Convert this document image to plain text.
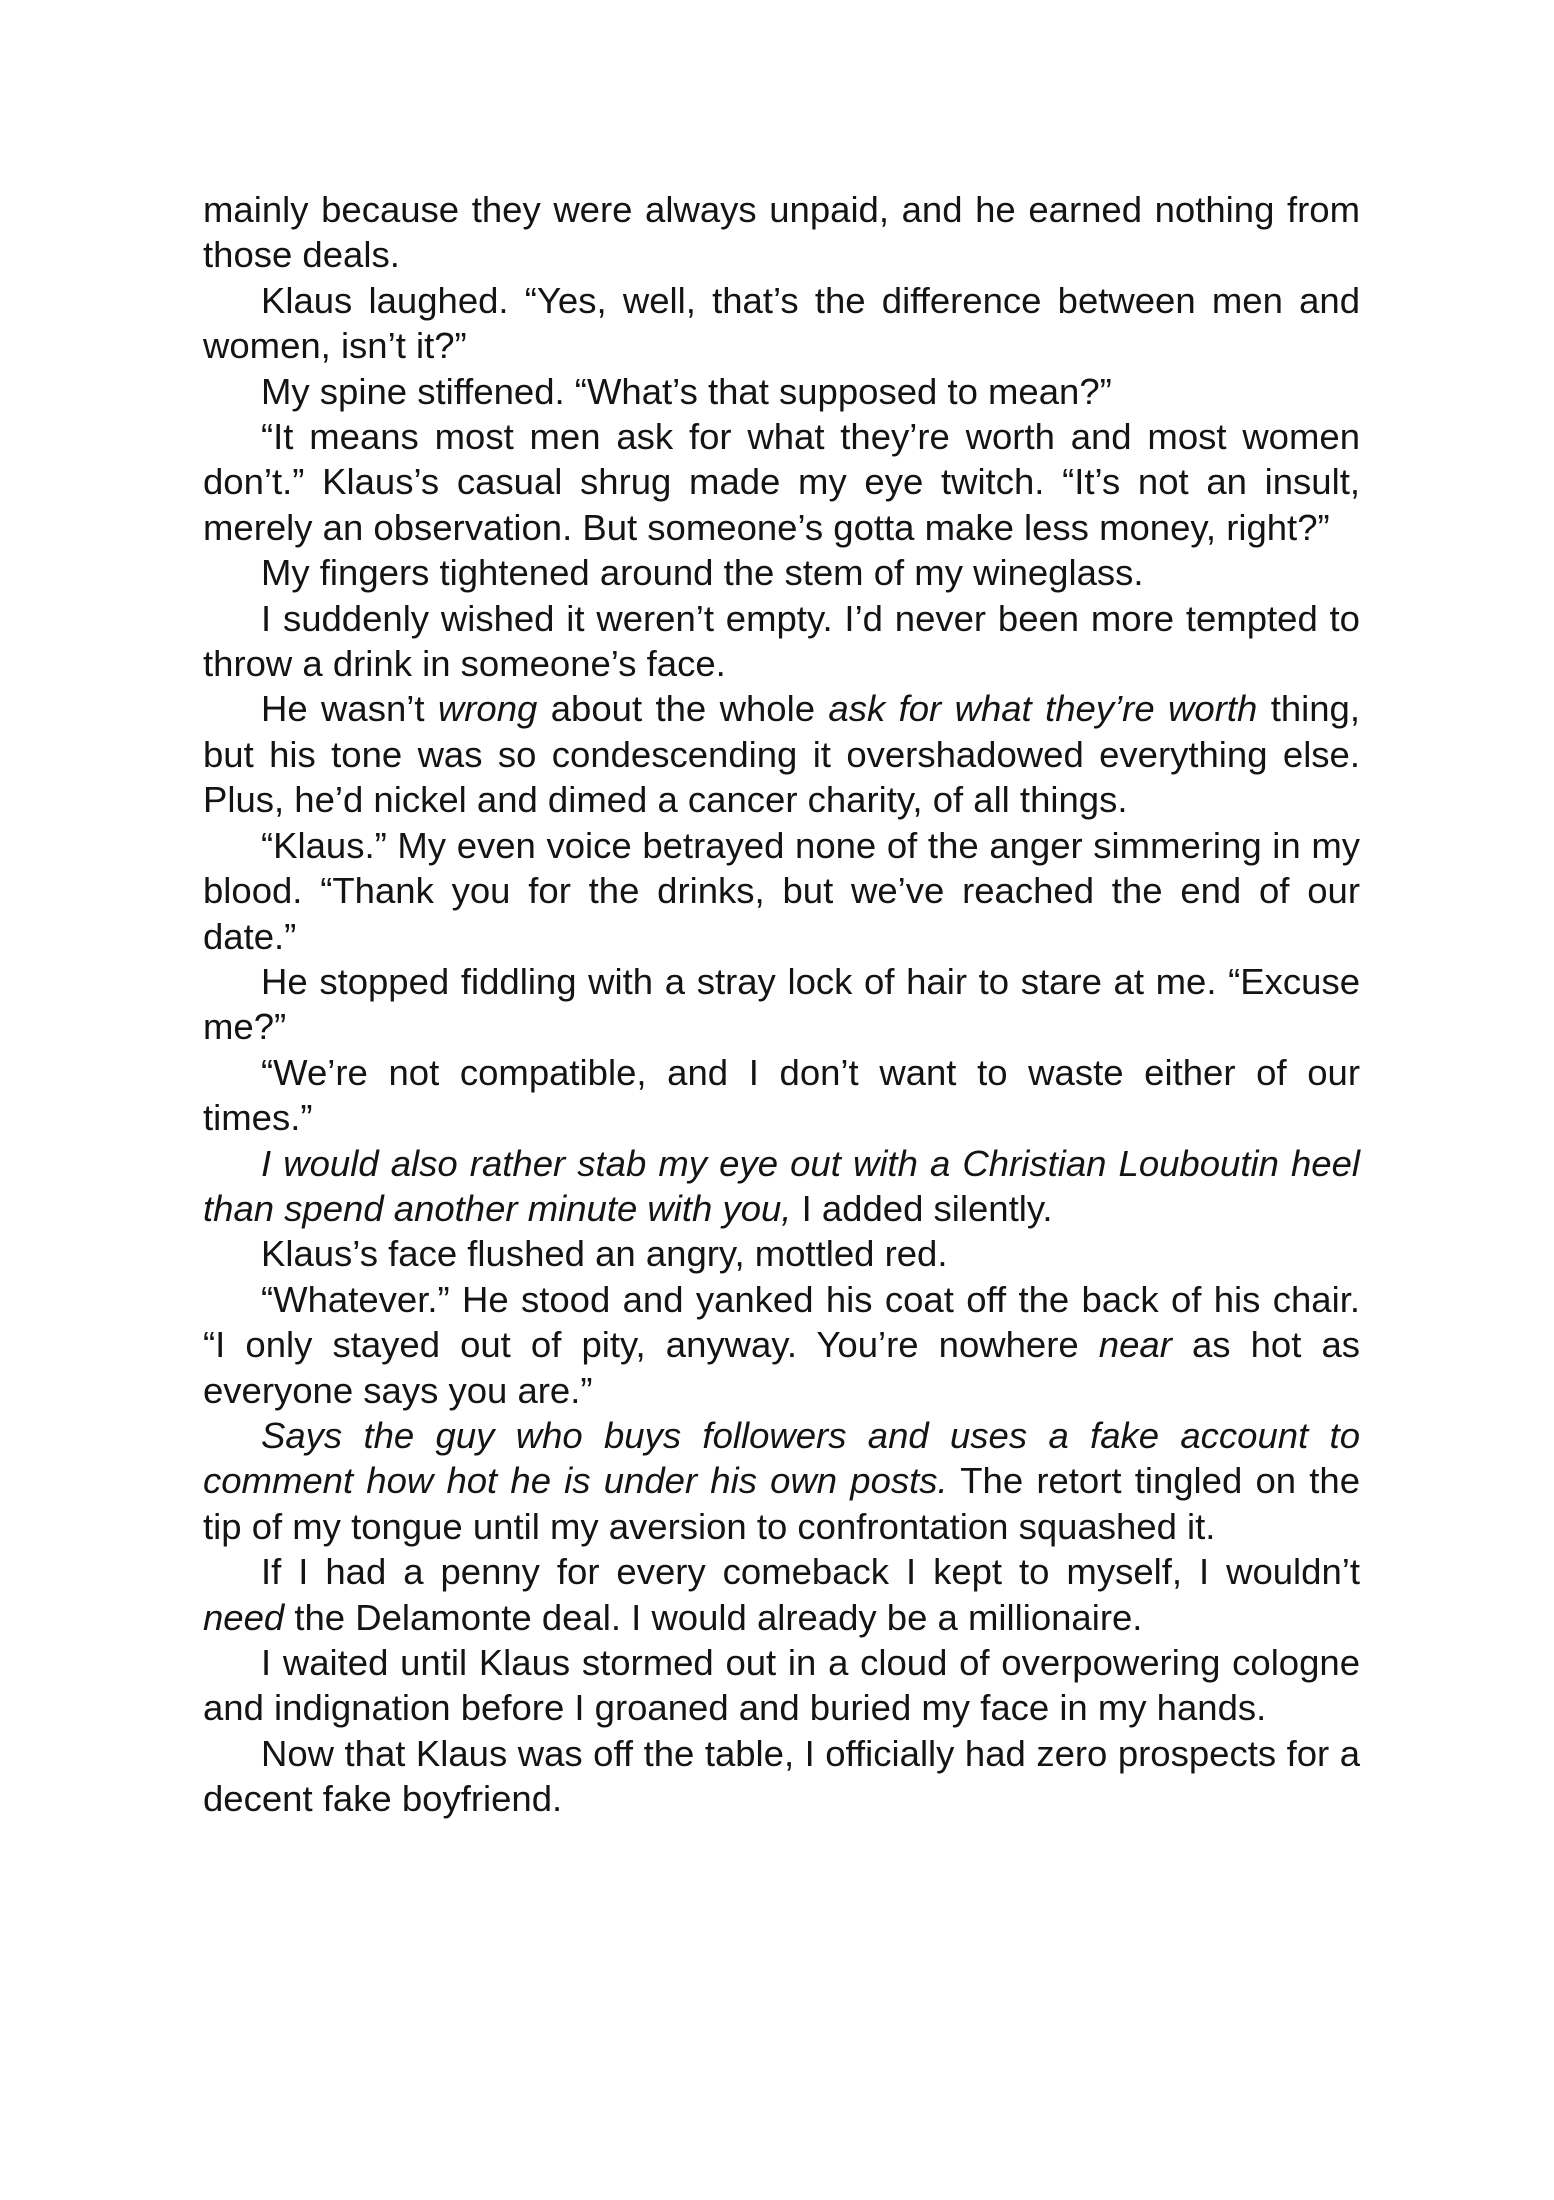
mainly because they were always unpaid, and he earned nothing from those deals.

Klaus laughed. “Yes, well, that’s the difference between men and women, isn’t it?”

My spine stiffened. “What’s that supposed to mean?”

“It means most men ask for what they’re worth and most women don’t.” Klaus’s casual shrug made my eye twitch. “It’s not an insult, merely an observation. But someone’s gotta make less money, right?”

My fingers tightened around the stem of my wineglass.

I suddenly wished it weren’t empty. I’d never been more tempted to throw a drink in someone’s face.

He wasn’t wrong about the whole ask for what they’re worth thing, but his tone was so condescending it overshadowed everything else. Plus, he’d nickel and dimed a cancer charity, of all things.

“Klaus.” My even voice betrayed none of the anger simmering in my blood. “Thank you for the drinks, but we’ve reached the end of our date.”

He stopped fiddling with a stray lock of hair to stare at me. “Excuse me?”

“We’re not compatible, and I don’t want to waste either of our times.”

I would also rather stab my eye out with a Christian Louboutin heel than spend another minute with you, I added silently.

Klaus’s face flushed an angry, mottled red.

“Whatever.” He stood and yanked his coat off the back of his chair. “I only stayed out of pity, anyway. You’re nowhere near as hot as everyone says you are.”

Says the guy who buys followers and uses a fake account to comment how hot he is under his own posts. The retort tingled on the tip of my tongue until my aversion to confrontation squashed it.

If I had a penny for every comeback I kept to myself, I wouldn’t need the Delamonte deal. I would already be a millionaire.

I waited until Klaus stormed out in a cloud of overpowering cologne and indignation before I groaned and buried my face in my hands.

Now that Klaus was off the table, I officially had zero prospects for a decent fake boyfriend.
